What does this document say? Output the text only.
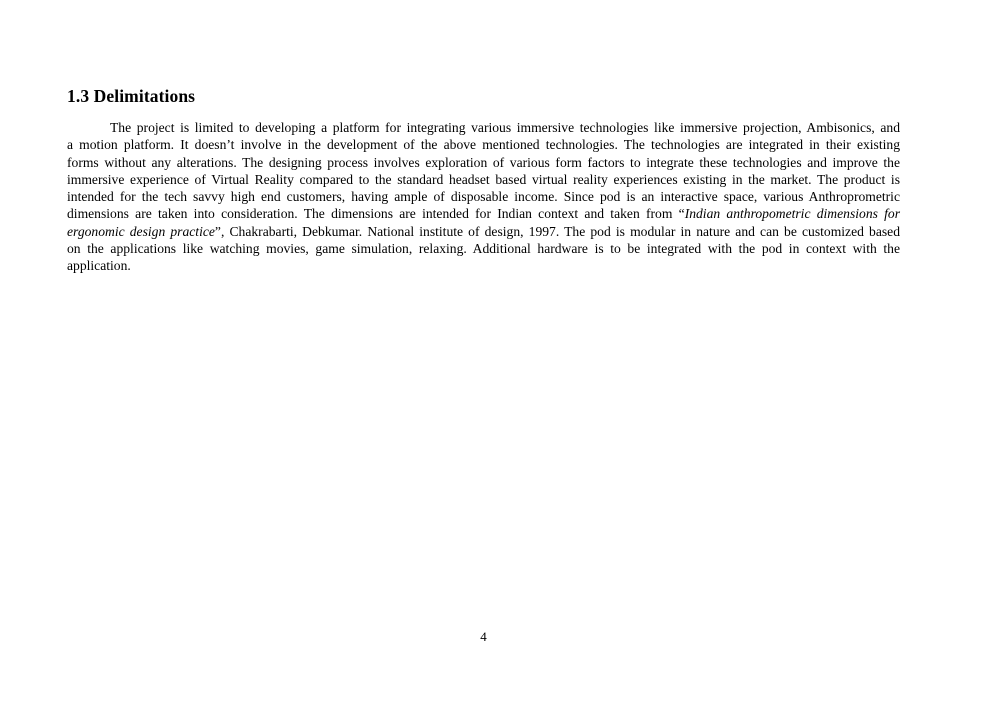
1.3 Delimitations
The project is limited to developing a platform for integrating various immersive technologies like immersive projection, Ambisonics, and
a motion platform. It doesn’t involve in the development of the above mentioned technologies. The technologies are integrated in their existing
forms without any alterations. The designing process involves exploration of various form factors to integrate these technologies and improve the
immersive experience of Virtual Reality compared to the standard headset based virtual reality experiences existing in the market. The product is
intended for the tech savvy high end customers, having ample of disposable income. Since pod is an interactive space, various Anthroprometric
dimensions are taken into consideration. The dimensions are intended for Indian context and taken from “Indian anthropometric dimensions for
ergonomic design practice”, Chakrabarti, Debkumar. National institute of design, 1997. The pod is modular in nature and can be customized based
on the applications like watching movies, game simulation, relaxing. Additional hardware is to be integrated with the pod in context with the
application.
4
